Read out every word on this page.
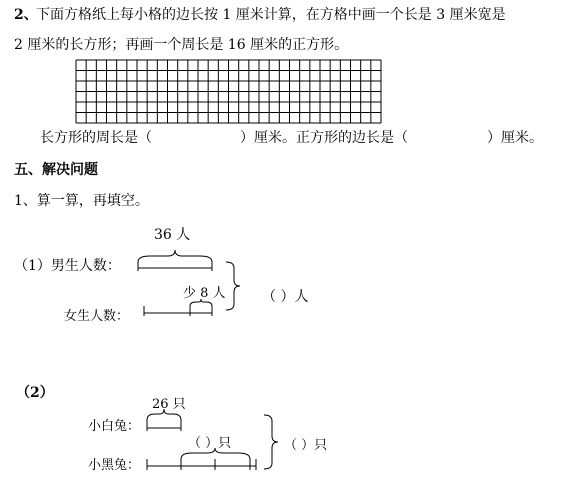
2、
下面方格纸上每小格的边长按 1 厘米计算，在方格中画一个长是 3 厘米宽是
2 厘米的长方形；再画一个周长是 16 厘米的正方形。
长方形的周长是（	）厘米。正方形的边长是（	）厘米。
五、解决问题
1、算一算，再填空。
36 人
（1）男生人数：
女生人数：
少 8 人	（ ）人
（2）
26 只
小白兔：
（ ）只
小黑兔：
（ ）只
